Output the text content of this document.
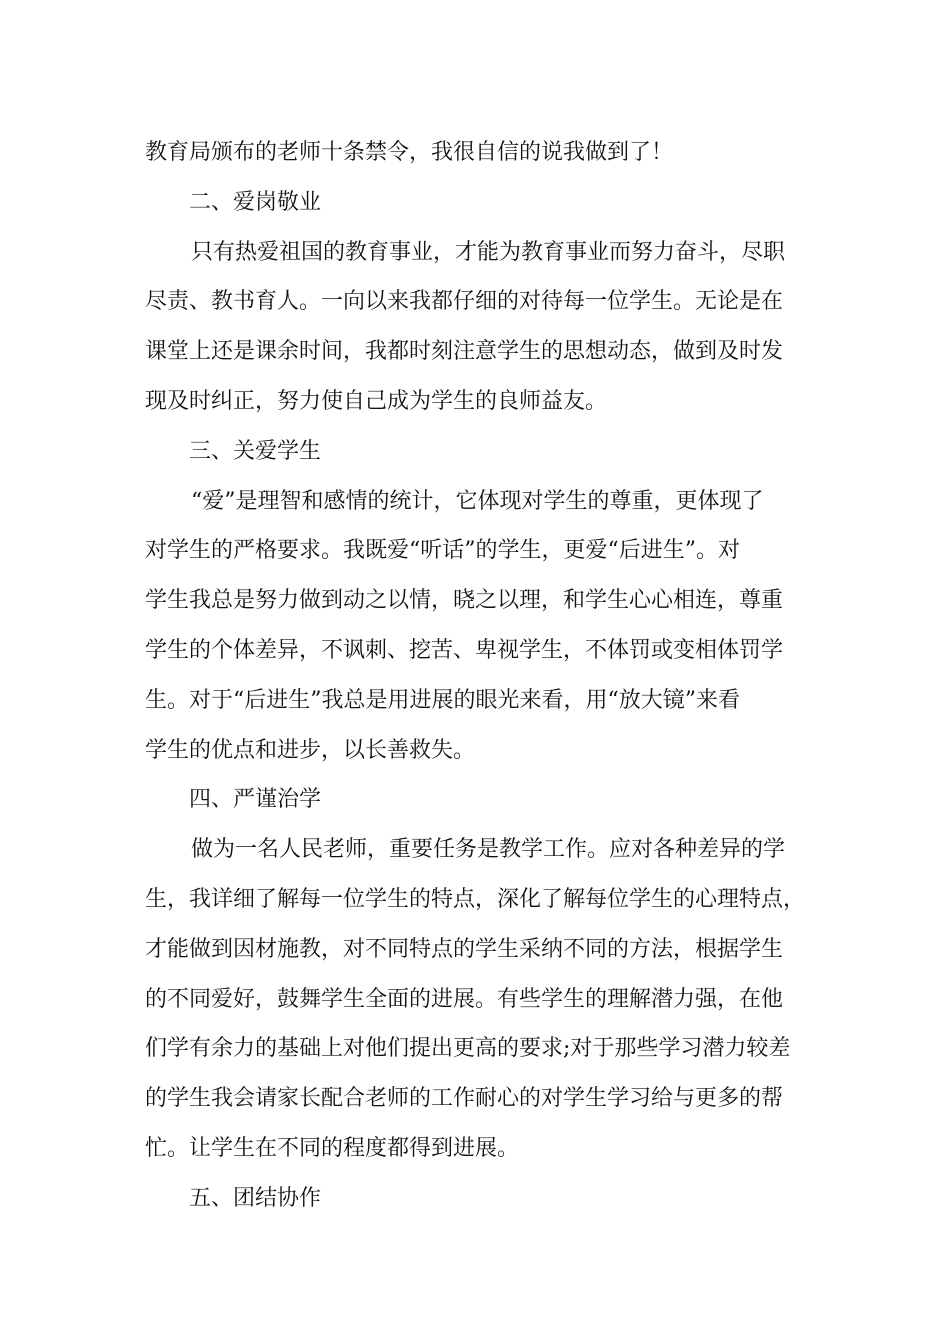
教育局颁布的老师十条禁令，我很自信的说我做到了！
二、爱岗敬业
只有热爱祖国的教育事业，才能为教育事业而努力奋斗，尽职
尽责、教书育人。一向以来我都仔细的对待每一位学生。无论是在
课堂上还是课余时间，我都时刻注意学生的思想动态，做到及时发
现及时纠正，努力使自己成为学生的良师益友。
三、关爱学生
“爱”是理智和感情的统计，它体现对学生的尊重，更体现了
对学生的严格要求。我既爱“听话”的学生，更爱“后进生”。对
学生我总是努力做到动之以情，晓之以理，和学生心心相连，尊重
学生的个体差异，不讽刺、挖苦、卑视学生，不体罚或变相体罚学
生。对于“后进生”我总是用进展的眼光来看，用“放大镜”来看
学生的优点和进步，以长善救失。
四、严谨治学
做为一名人民老师，重要任务是教学工作。应对各种差异的学
生，我详细了解每一位学生的特点，深化了解每位学生的心理特点，
才能做到因材施教，对不同特点的学生采纳不同的方法，根据学生
的不同爱好，鼓舞学生全面的进展。有些学生的理解潜力强，在他
们学有余力的基础上对他们提出更高的要求;对于那些学习潜力较差
的学生我会请家长配合老师的工作耐心的对学生学习给与更多的帮
忙。让学生在不同的程度都得到进展。
五、团结协作
